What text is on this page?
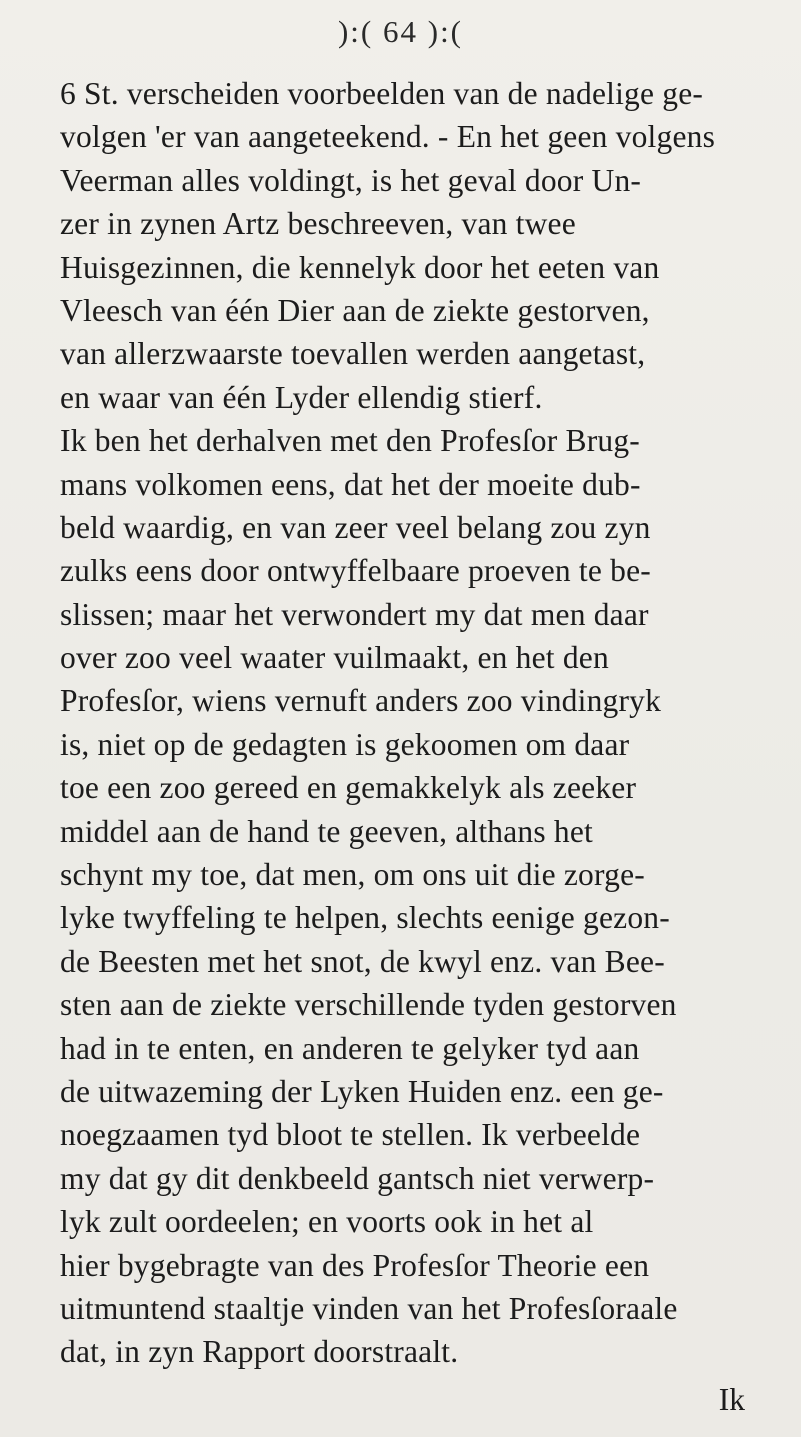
):( 64 ):(
6 St. verscheiden voorbeelden van de nadelige ge-
volgen 'er van aangeteekend. - En het geen volgens
Veerman alles voldingt, is het geval door Un-
zer in zynen Artz beschreeven, van twee
Huisgezinnen, die kennelyk door het eeten van
Vleesch van één Dier aan de ziekte gestorven,
van allerzwaarste toevallen werden aangetast,
en waar van één Lyder ellendig stierf.
Ik ben het derhalven met den Profesſor Brug-
mans volkomen eens, dat het der moeite dub-
beld waardig, en van zeer veel belang zou zyn
zulks eens door ontwyffelbaare proeven te be-
slissen; maar het verwondert my dat men daar
over zoo veel waater vuilmaakt, en het den
Profesſor, wiens vernuft anders zoo vindingryk
is, niet op de gedagten is gekoomen om daar
toe een zoo gereed en gemakkelyk als zeeker
middel aan de hand te geeven, althans het
schynt my toe, dat men, om ons uit die zorge-
lyke twyffeling te helpen, slechts eenige gezon-
de Beesten met het snot, de kwyl enz. van Bee-
sten aan de ziekte verschillende tyden gestorven
had in te enten, en anderen te gelyker tyd aan
de uitwazeming der Lyken Huiden enz. een ge-
noegzaamen tyd bloot te stellen. Ik verbeelde
my dat gy dit denkbeeld gantsch niet verwerp-
lyk zult oordeelen; en voorts ook in het al
hier bygebragte van des Profesſor Theorie een
uitmuntend staaltje vinden van het Profesſoraale
dat, in zyn Rapport doorstraalt.
Ik
